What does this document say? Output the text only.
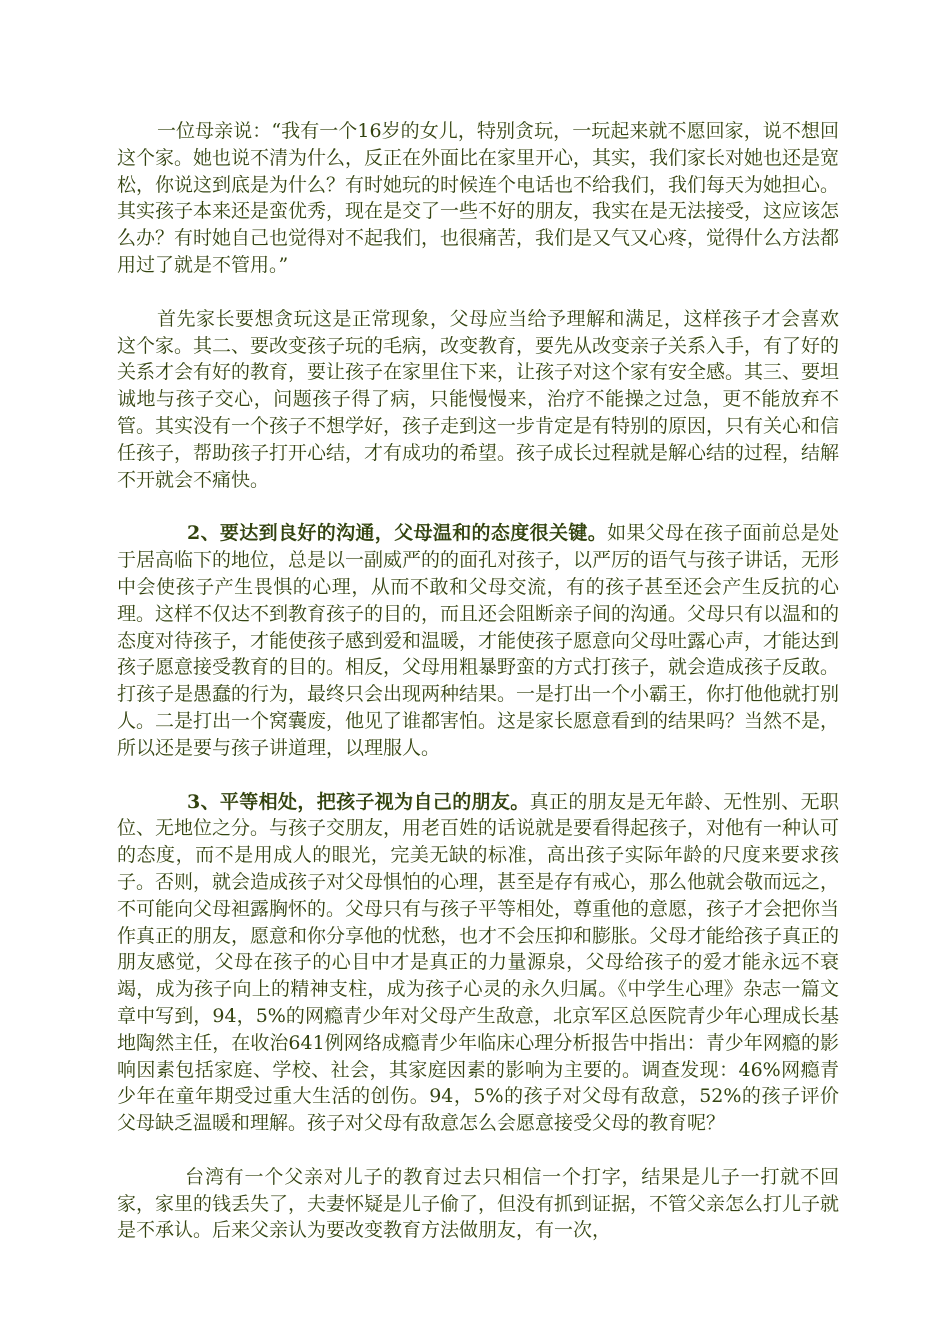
一位母亲说：“我有一个16岁的女儿，特别贪玩，一玩起来就不愿回家，说不想回这个家。她也说不清为什么，反正在外面比在家里开心，其实，我们家长对她也还是宽松，你说这到底是为什么？有时她玩的时候连个电话也不给我们，我们每天为她担心。其实孩子本来还是蛮优秀，现在是交了一些不好的朋友，我实在是无法接受，这应该怎么办？有时她自己也觉得对不起我们，也很痛苦，我们是又气又心疼，觉得什么方法都用过了就是不管用。”

首先家长要想贪玩这是正常现象，父母应当给予理解和满足，这样孩子才会喜欢这个家。其二、要改变孩子玩的毛病，改变教育，要先从改变亲子关系入手，有了好的关系才会有好的教育，要让孩子在家里住下来，让孩子对这个家有安全感。其三、要坦诚地与孩子交心，问题孩子得了病，只能慢慢来，治疗不能操之过急，更不能放弃不管。其实没有一个孩子不想学好，孩子走到这一步肯定是有特别的原因，只有关心和信任孩子，帮助孩子打开心结，才有成功的希望。孩子成长过程就是解心结的过程，结解不开就会不痛快。

2、要达到良好的沟通，父母温和的态度很关键。如果父母在孩子面前总是处于居高临下的地位，总是以一副威严的的面孔对孩子，以严厉的语气与孩子讲话，无形中会使孩子产生畏惧的心理，从而不敢和父母交流，有的孩子甚至还会产生反抗的心理。这样不仅达不到教育孩子的目的，而且还会阻断亲子间的沟通。父母只有以温和的态度对待孩子，才能使孩子感到爱和温暖，才能使孩子愿意向父母吐露心声，才能达到孩子愿意接受教育的目的。相反，父母用粗暴野蛮的方式打孩子，就会造成孩子反敢。打孩子是愚蠢的行为，最终只会出现两种结果。一是打出一个小霸王，你打他他就打别人。二是打出一个窝囊废，他见了谁都害怕。这是家长愿意看到的结果吗？当然不是，所以还是要与孩子讲道理，以理服人。

3、平等相处，把孩子视为自己的朋友。真正的朋友是无年龄、无性别、无职位、无地位之分。与孩子交朋友，用老百姓的话说就是要看得起孩子，对他有一种认可的态度，而不是用成人的眼光，完美无缺的标准，高出孩子实际年龄的尺度来要求孩子。否则，就会造成孩子对父母惧怕的心理，甚至是存有戒心，那么他就会敬而远之，不可能向父母袒露胸怀的。父母只有与孩子平等相处，尊重他的意愿，孩子才会把你当作真正的朋友，愿意和你分享他的忧愁，也才不会压抑和膨胀。父母才能给孩子真正的朋友感觉，父母在孩子的心目中才是真正的力量源泉，父母给孩子的爱才能永远不衰竭，成为孩子向上的精神支柱，成为孩子心灵的永久归属。《中学生心理》杂志一篇文章中写到，94，5%的网瘾青少年对父母产生敌意，北京军区总医院青少年心理成长基地陶然主任，在收治641例网络成瘾青少年临床心理分析报告中指出：青少年网瘾的影响因素包括家庭、学校、社会，其家庭因素的影响为主要的。调查发现：46%网瘾青少年在童年期受过重大生活的创伤。94，5%的孩子对父母有敌意，52%的孩子评价父母缺乏温暖和理解。孩子对父母有敌意怎么会愿意接受父母的教育呢？

台湾有一个父亲对儿子的教育过去只相信一个打字，结果是儿子一打就不回家，家里的钱丢失了，夫妻怀疑是儿子偷了，但没有抓到证据，不管父亲怎么打儿子就是不承认。后来父亲认为要改变教育方法做朋友，有一次，
